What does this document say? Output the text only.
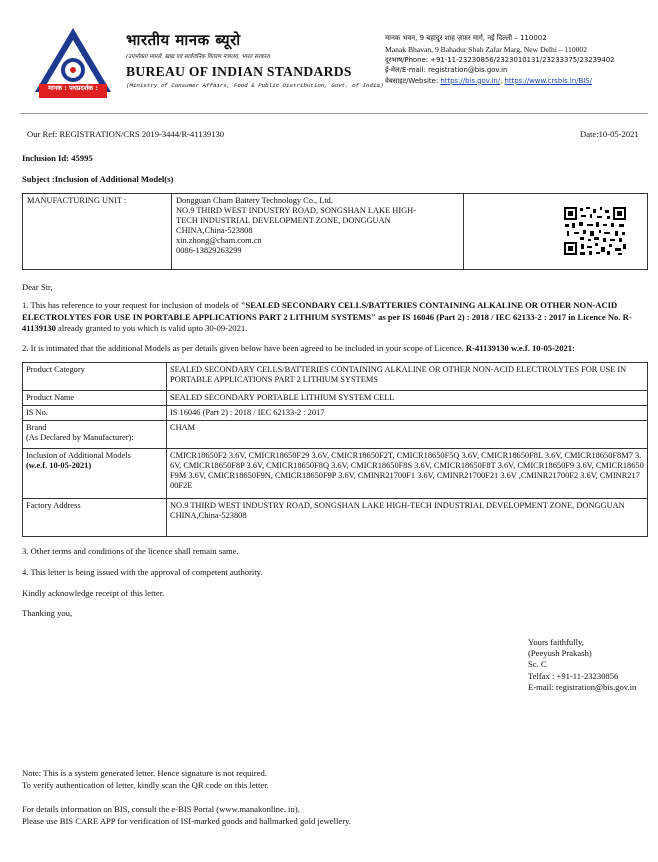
मानक : पथप्रदर्शक :
भारतीय मानक ब्यूरो
(उपभोक्ता मामले, खाद्य एवं सार्वजनिक वितरण मंत्रालय, भारत सरकार)
BUREAU OF INDIAN STANDARDS
(Ministry of Consumer Affairs, Food & Public Distribution, Govt. of India)
मानक भवन, 9 बहादुर शाह ज़फ़र मार्ग, नई दिल्ली – 110002
Manak Bhavan, 9 Bahadur Shah Zafar Marg, New Delhi – 110002
दूरभाष/Phone: +91-11-23230856/2323010131/23233375/23239402
ई-मेल/E-mail: registration@bis.gov.in
वेबसाइट/Website: https://bis.gov.in/, https://www.crsbis.in/BIS/
Our Ref: REGISTRATION/CRS 2019-3444/R-41139130	Date:10-05-2021
Inclusion Id: 45995
Subject :Inclusion of Additional Model(s)
MANUFACTURING UNIT :	Dongguan Cham Battery Technology Co., Ltd.
NO.9 THIRD WEST INDUSTRY ROAD, SONGSHAN LAKE HIGH-
TECH INDUSTRIAL DEVELOPMENT ZONE, DONGGUAN
CHINA,China-523808
xin.zhong@cham.com.cn
0086-13829263299

Dear Sir,
1. This has reference to your request for inclusion of models of "SEALED SECONDARY CELLS/BATTERIES CONTAINING ALKALINE OR OTHER NON-ACID ELECTROLYTES FOR USE IN PORTABLE APPLICATIONS PART 2 LITHIUM SYSTEMS" as per IS 16046 (Part 2) : 2018 / IEC 62133-2 : 2017 in Licence No. R-41139130 already granted to you which is valid upto 30-09-2021.
2. It is intimated that the additional Models as per details given below have been agreed to be included in your scope of Licence. R-41139130 w.e.f. 10-05-2021:
Product Category	SEALED SECONDARY CELLS/BATTERIES CONTAINING ALKALINE OR OTHER NON-ACID ELECTROLYTES FOR USE IN PORTABLE APPLICATIONS PART 2 LITHIUM SYSTEMS
Product Name	SEALED SECONDARY PORTABLE LITHIUM SYSTEM CELL
IS No.	IS 16046 (Part 2) : 2018 / IEC 62133-2 : 2017

Brand
(As Declared by Manufacturer):	CHAM

Inclusion of Additional Models
(w.e.f. 10-05-2021)	CMICR18650F2 3.6V, CMICR18650F29 3.6V, CMICR18650F2T, CMICR18650F5Q 3.6V, CMICR18650F8L 3.6V, CMICR18650F8M7 3.6V, CMICR18650F8P 3.6V, CMICR18650F8Q 3.6V, CMICR18650F8S 3.6V, CMICR18650F8T 3.6V, CMICR18650F9 3.6V, CMICR18650F9M 3.6V, CMICR18650F9N, CMICR18650F9P 3.6V, CMINR21700F1 3.6V, CMINR21700F21 3.6V ,CMINR21700F2 3.6V, CMINR21700F2E
Factory Address	NO.9 THIRD WEST INDUSTRY ROAD, SONGSHAN LAKE HIGH-TECH INDUSTRIAL DEVELOPMENT ZONE, DONGGUAN
CHINA,China-523808
3. Other terms and conditions of the licence shall remain same.
4. This letter is being issued with the approval of competent authority.
Kindly acknowledge receipt of this letter.
Thanking you,
Yours faithfully,
(Peeyush Prakash)
Sc. C
Telfax : +91-11-23230856
E-mail: registration@bis.gov.in
Note: This is a system generated letter. Hence signature is not required.
To verify authentication of letter, kindly scan the QR code on this letter.
For details information on BIS, consult the e-BIS Portal (www.manakonline. in).
Please use BIS CARE APP for verification of ISI-marked goods and hallmarked gold jewellery.
